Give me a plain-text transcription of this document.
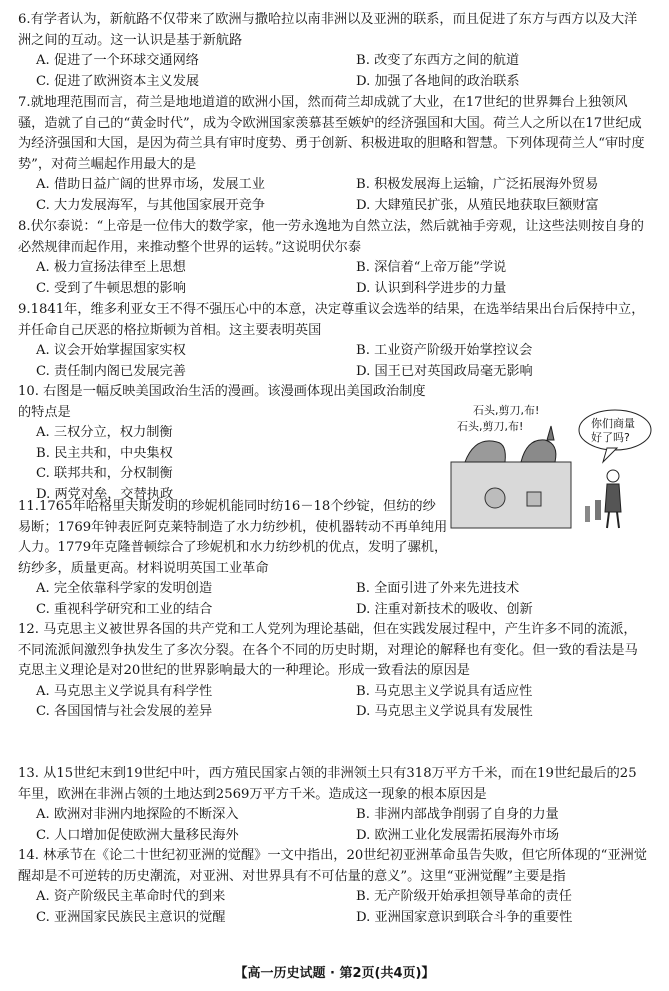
6.有学者认为，新航路不仅带来了欧洲与撒哈拉以南非洲以及亚洲的联系，而且促进了东方与西方以及大洋洲之间的互动。这一认识是基于新航路

A. 促进了一个环球交通网络	B. 改变了东西方之间的航道
C. 促进了欧洲资本主义发展	D. 加强了各地间的政治联系

7.就地理范围而言，荷兰是地地道道的欧洲小国，然而荷兰却成就了大业，在17世纪的世界舞台上独领风骚，造就了自己的“黄金时代”，成为令欧洲国家羡慕甚至嫉妒的经济强国和大国。荷兰人之所以在17世纪成为经济强国和大国，是因为荷兰具有审时度势、勇于创新、积极进取的胆略和智慧。下列体现荷兰人“审时度势”，对荷兰崛起作用最大的是

A. 借助日益广阔的世界市场，发展工业	B. 积极发展海上运输，广泛拓展海外贸易
C. 大力发展海军，与其他国家展开竞争	D. 大肆殖民扩张，从殖民地获取巨额财富

8.伏尔泰说：“上帝是一位伟大的数学家，他一劳永逸地为自然立法，然后就袖手旁观，让这些法则按自身的必然规律而起作用，来推动整个世界的运转。”这说明伏尔泰

A. 极力宣扬法律至上思想	B. 深信着“上帝万能”学说
C. 受到了牛顿思想的影响	D. 认识到科学进步的力量

9.1841年，维多利亚女王不得不强压心中的本意，决定尊重议会选举的结果，在选举结果出台后保持中立，并任命自己厌恶的格拉斯顿为首相。这主要表明英国

A. 议会开始掌握国家实权	B. 工业资产阶级开始掌控议会
C. 责任制内阁已发展完善	D. 国王已对英国政局毫无影响

10. 右图是一幅反映美国政治生活的漫画。该漫画体现出美国政治制度的特点是

A. 三权分立，权力制衡
B. 民主共和，中央集权
C. 联邦共和，分权制衡
D. 两党对垒，交替执政
石头,剪刀,布!
石头,剪刀,布!	你们商量
好了吗?

11.1765年哈格里夫斯发明的珍妮机能同时纺16－18个纱锭，但纺的纱易断；1769年钟表匠阿克莱特制造了水力纺纱机，使机器转动不再单纯用人力。1779年克隆普顿综合了珍妮机和水力纺纱机的优点，发明了骡机，纺纱多，质量更高。材料说明英国工业革命

A. 完全依靠科学家的发明创造	B. 全面引进了外来先进技术
C. 重视科学研究和工业的结合	D. 注重对新技术的吸收、创新

12. 马克思主义被世界各国的共产党和工人党列为理论基础，但在实践发展过程中，产生许多不同的流派，不同流派间激烈争执发生了多次分裂。在各个不同的历史时期，对理论的解释也有变化。但一致的看法是马克思主义理论是对20世纪的世界影响最大的一种理论。形成一致看法的原因是

A. 马克思主义学说具有科学性	B. 马克思主义学说具有适应性
C. 各国国情与社会发展的差异	D. 马克思主义学说具有发展性

13. 从15世纪末到19世纪中叶，西方殖民国家占领的非洲领土只有318万平方千米，而在19世纪最后的25年里，欧洲在非洲占领的土地达到2569万平方千米。造成这一现象的根本原因是

A. 欧洲对非洲内地探险的不断深入	B. 非洲内部战争削弱了自身的力量
C. 人口增加促使欧洲大量移民海外	D. 欧洲工业化发展需拓展海外市场

14. 林承节在《论二十世纪初亚洲的觉醒》一文中指出，20世纪初亚洲革命虽告失败，但它所体现的“亚洲觉醒却是不可逆转的历史潮流，对亚洲、对世界具有不可估量的意义”。这里“亚洲觉醒”主要是指

A. 资产阶级民主革命时代的到来	B. 无产阶级开始承担领导革命的责任
C. 亚洲国家民族民主意识的觉醒	D. 亚洲国家意识到联合斗争的重要性
【高一历史试题 · 第2页(共4页)】
